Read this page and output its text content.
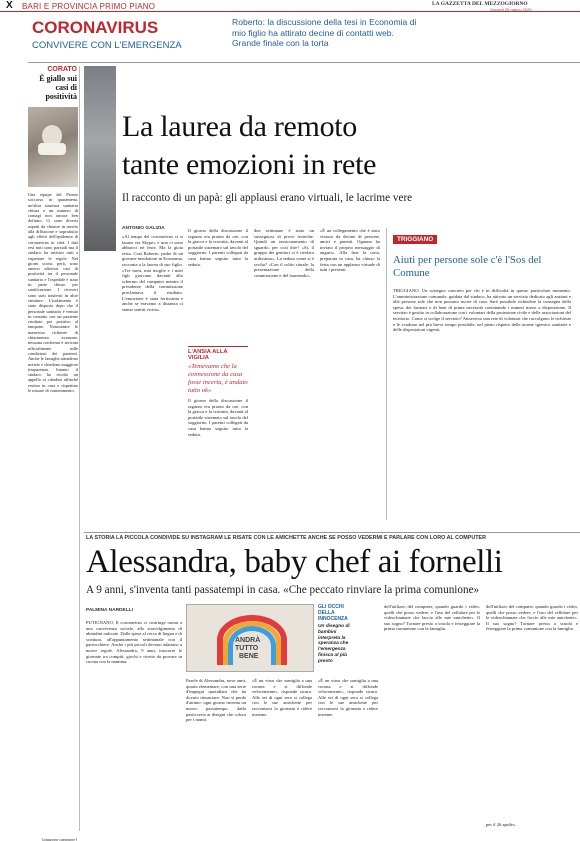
X BARI E PROVINCIA PRIMO PIANO	LA GAZZETTA DEL MEZZOGIORNO
Giovedì 26 marzo 2020
CORONAVIRUS
CONVIVERE CON L'EMERGENZA
Roberto: la discussione della tesi in Economia di mio figlio ha attirato decine di contatti web. Grande finale con la torta
CORATO
È giallo sui casi di positività
Una équipe del Pronto soccorso in quarantena, un'altra struttura sanitaria chiusa e un numero di contagi non ancora ben definito. Ci sono diversi aspetti da chiarire in merito alla diffusione e soprattutto agli effetti dell'epidemia di coronavirus in città. I dati resi noti sono parziali ma il sindaco ha invitato tutti a rispettare le regole. Nel giorni scorsi, però, sono emersi ulteriori casi di positività tra il personale sanitario e l'ospedale è stato in parte chiuso per sanificazione. I ricoveri sono stati trasferiti in altre strutture. L'isolamento è stato disposto dopo che il personale sanitario è venuto in contatto con un paziente risultato poi positivo al tampone. Nonostante le numerose richieste di chiarimento avanzate, nessuna conferma è arrivata ufficialmente sulle condizioni dei pazienti. Anche le famiglie attendono notizie e chiedono maggiore trasparenza. Intanto il sindaco ha rivolto un appello ai cittadini affinché restino in casa e rispettino le misure di contenimento.
[giuseppe cantatore]
La laurea da remoto tante emozioni in rete
Il racconto di un papà: gli applausi erano virtuali, le lacrime vere
ANTONIO GALIZIA
«Al tempo del coronavirus ci si laurea via Skype» e non ci sono abbracci né feste. Ma la gioia resta. Così Roberto, padre di un giovane neodottore in Economia, racconta a la laurea di suo figlio. «Tre mesi, mia moglie e i miei figli gioivano davanti allo schermo del computer mentre il presidente della commissione proclamava il risultato. L'emozione è stata fortissima e anche se eravamo a distanza ci siamo sentiti vicini».
Il giorno della discussione il ragazzo era pronto da ore, con la giacca e la cravatta, davanti al portatile sistemato sul tavolo del soggiorno. I parenti collegati da casa hanno seguito tutta la seduta.
L'ANSIA ALLA VIGILIA
«Temevamo che la connessione da casa fosse incerta, è andato tutto ok»
Il giorno della discussione il ragazzo era pronto da ore, con la giacca e la cravatta, davanti al portatile sistemato sul tavolo del soggiorno. I parenti collegati da casa hanno seguito tutta la seduta.
due settimane è stato un susseguirsi di prove tecniche. Quindi un rassicuramento di sguardo, per così dire? «Si, il gruppo dei genitori si è rivelato utilissimo». La seduta come si è svolta? «Con il solito rituale: la presentazione della commissione e del laureando».
«È un collegamento che è stato vissuto da decine di persone, amici e parenti. Ognuno ha inviato il proprio messaggio di auguri». Alla fine la torta, preparata in casa, ha chiuso la festa con un applauso virtuale di tutti i presenti.
TRIGGIANO
Aiuti per persone sole c'è l'Sos del Comune
TRIGGIANO. Un sostegno concreto per chi è in difficoltà in questo particolare momento. L'amministrazione comunale, guidata dal sindaco, ha attivato un servizio dedicato agli anziani e alle persone sole che non possono uscire di casa. Sarà possibile richiedere la consegna della spesa, dei farmaci e di beni di prima necessità contattando i numeri messi a disposizione. Il servizio è gestito in collaborazione con i volontari della protezione civile e delle associazioni del territorio. Come si svolge il servizio? Attraverso una rete di volontari che raccolgono le richieste e le evadono nel più breve tempo possibile, nel pieno rispetto delle norme igienico sanitarie e delle disposizioni vigenti.
LA STORIA LA PICCOLA CONDIVIDE SU INSTAGRAM LE RISATE CON LE AMICHETTE ANCHE SE POSSO VEDERMI E PARLARE CON LORO AL COMPUTER
Alessandra, baby chef ai fornelli
A 9 anni, s'inventa tanti passatempi in casa. «Che peccato rinviare la prima comunione»
PALMINA NARDELLI
PUTIGNANO. Il coronavirus ci costringe ormai a una convivenza sociale, allo stravolgimento di abitudini radicate. Dalle spese al cerca di lingua e di scrittura, all'appuntamento settimanale con il parrucchiere. Anche i più piccoli devono adattarsi a nuove regole. Alessandra, 9 anni, trascorre le giornate tra compiti, giochi e ricette da provare in cucina con la mamma.
ANDRÀ
TUTTO
BENE
GLI OCCHI DELLA INNOCENZA
Un disegno di bambini interpreta la speranza che l'emergenza finisca al più presto
Parole di Alessandra, nove anni, quarta elementare, con una serie d'impegni quotidiani che ha dovuto rinunciare. Non si perde d'animo: ogni giorno inventa un nuovo passatempo, dalla pasticceria ai disegni che colora per i nonni.
«È un virus che somiglia a una corona e si diffonde velocemente», risponde sicura. Alle sei di ogni sera si collega con le sue amichette per raccontarsi la giornata e ridere insieme.
«È un virus che somiglia a una corona e si diffonde velocemente», risponde sicura. Alle sei di ogni sera si collega con le sue amichette per raccontarsi la giornata e ridere insieme.
dell'utilizzo del computer, quando guardo i video, quelli che posso vedere, e l'uso del cellulare per le videochiamate che faccio alle mie amichette». Il suo sogno? Tornare presto a scuola e festeggiare la prima comunione con la famiglia.
dell'utilizzo del computer, quando guardo i video, quelli che posso vedere, e l'uso del cellulare per le videochiamate che faccio alle mie amichette». Il suo sogno? Tornare presto a scuola e festeggiare la prima comunione con la famiglia.
per il 26 aprile».
